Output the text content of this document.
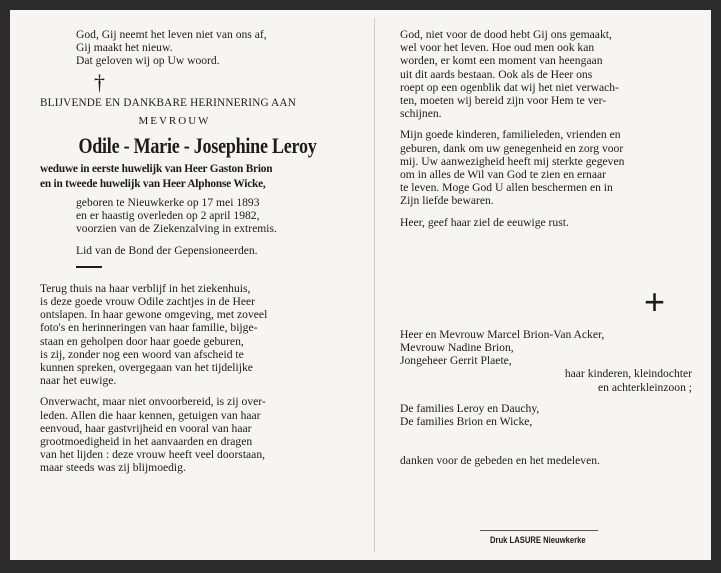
God, Gij neemt het leven niet van ons af,
Gij maakt het nieuw.
Dat geloven wij op Uw woord.
†
BLIJVENDE EN DANKBARE HERINNERING AAN
MEVROUW
Odile - Marie - Josephine Leroy
weduwe in eerste huwelijk van Heer Gaston Brion
en in tweede huwelijk van Heer Alphonse Wicke,
geboren te Nieuwkerke op 17 mei 1893
en er haastig overleden op 2 april 1982,
voorzien van de Ziekenzalving in extremis.
Lid van de Bond der Gepensioneerden.
Terug thuis na haar verblijf in het ziekenhuis,
is deze goede vrouw Odile zachtjes in de Heer
ontslapen. In haar gewone omgeving, met zoveel
foto's en herinneringen van haar familie, bijge-
staan en geholpen door haar goede geburen,
is zij, zonder nog een woord van afscheid te
kunnen spreken, overgegaan van het tijdelijke
naar het euwige.
Onverwacht, maar niet onvoorbereid, is zij over-
leden. Allen die haar kennen, getuigen van haar
eenvoud, haar gastvrijheid en vooral van haar
grootmoedigheid in het aanvaarden en dragen
van het lijden : deze vrouw heeft veel doorstaan,
maar steeds was zij blijmoedig.
God, niet voor de dood hebt Gij ons gemaakt,
wel voor het leven. Hoe oud men ook kan
worden, er komt een moment van heengaan
uit dit aards bestaan. Ook als de Heer ons
roept op een ogenblik dat wij het niet verwach-
ten, moeten wij bereid zijn voor Hem te ver-
schijnen.
Mijn goede kinderen, familieleden, vrienden en
geburen, dank om uw genegenheid en zorg voor
mij. Uw aanwezigheid heeft mij sterkte gegeven
om in alles de Wil van God te zien en ernaar
te leven. Moge God U allen beschermen en in
Zijn liefde bewaren.
Heer, geef haar ziel de eeuwige rust.
Heer en Mevrouw Marcel Brion-Van Acker,
Mevrouw Nadine Brion,
Jongeheer Gerrit Plaete,
haar kinderen, kleindochter
en achterkleinzoon ;
De families Leroy en Dauchy,
De families Brion en Wicke,
danken voor de gebeden en het medeleven.
+
Druk LASURE Nieuwkerke
